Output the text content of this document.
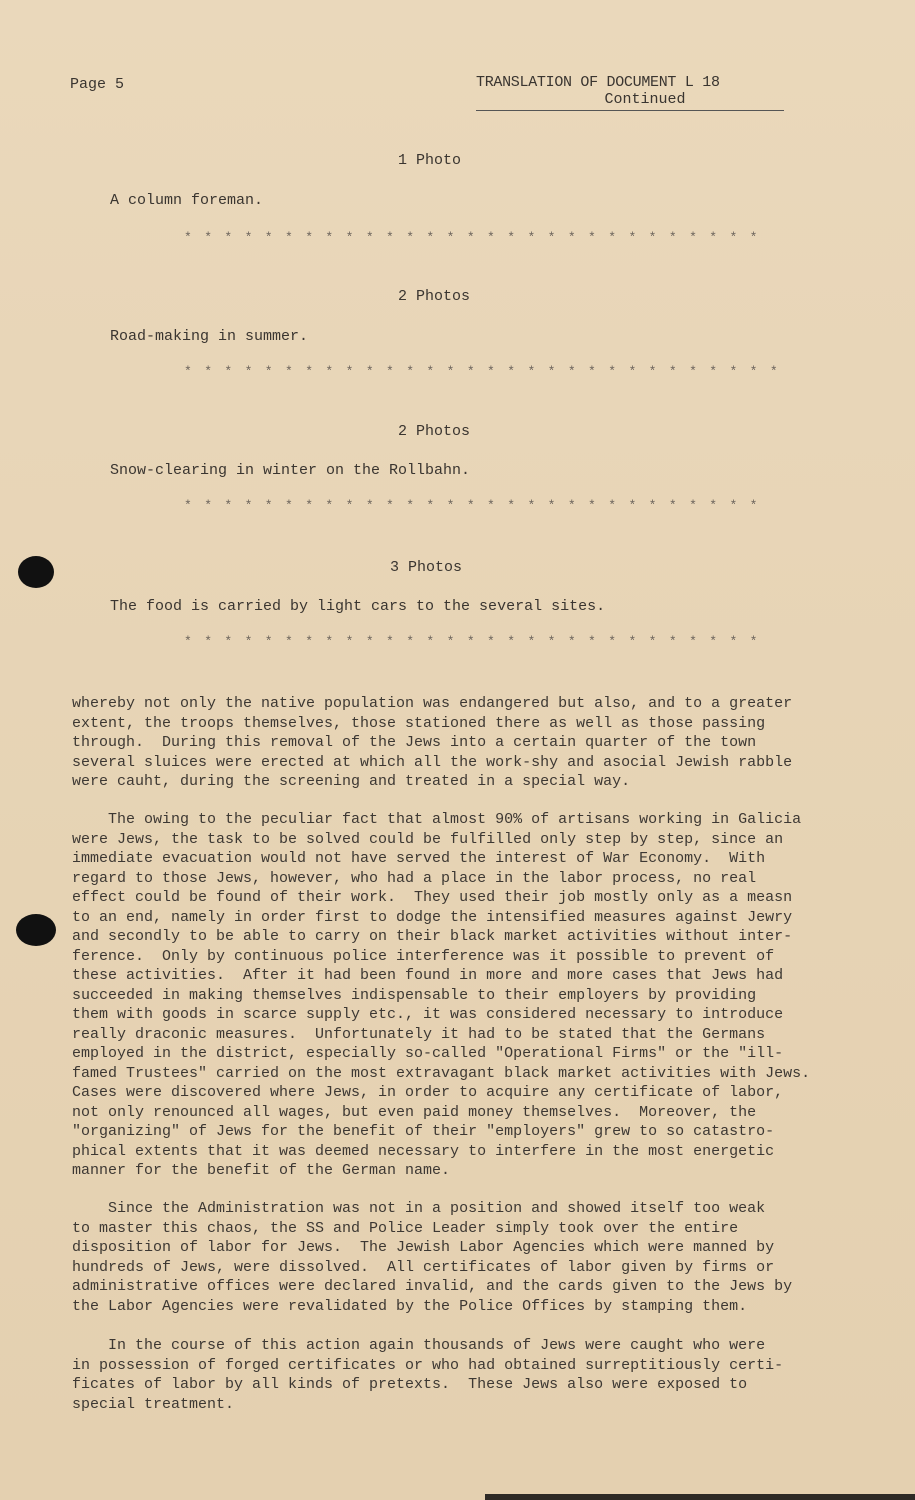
Page 5	TRANSLATION OF DOCUMENT L 18
Continued
1 Photo
A column foreman.
* * * * * * * * * * * * * * * * * * * * * * * * * * * * *
2 Photos
Road-making in summer.
* * * * * * * * * * * * * * * * * * * * * * * * * * * * * *
2 Photos
Snow-clearing in winter on the Rollbahn.
* * * * * * * * * * * * * * * * * * * * * * * * * * * * *
3 Photos
The food is carried by light cars to the several sites.
* * * * * * * * * * * * * * * * * * * * * * * * * * * * *
whereby not only the native population was endangered but also, and to a greater
extent, the troops themselves, those stationed there as well as those passing
through.  During this removal of the Jews into a certain quarter of the town
several sluices were erected at which all the work-shy and asocial Jewish rabble
were cauht, during the screening and treated in a special way.
The owing to the peculiar fact that almost 90% of artisans working in Galicia
were Jews, the task to be solved could be fulfilled only step by step, since an
immediate evacuation would not have served the interest of War Economy.  With
regard to those Jews, however, who had a place in the labor process, no real
effect could be found of their work.  They used their job mostly only as a measn
to an end, namely in order first to dodge the intensified measures against Jewry
and secondly to be able to carry on their black market activities without inter-
ference.  Only by continuous police interference was it possible to prevent of
these activities.  After it had been found in more and more cases that Jews had
succeeded in making themselves indispensable to their employers by providing
them with goods in scarce supply etc., it was considered necessary to introduce
really draconic measures.  Unfortunately it had to be stated that the Germans
employed in the district, especially so-called "Operational Firms" or the "ill-
famed Trustees" carried on the most extravagant black market activities with Jews.
Cases were discovered where Jews, in order to acquire any certificate of labor,
not only renounced all wages, but even paid money themselves.  Moreover, the
"organizing" of Jews for the benefit of their "employers" grew to so catastro-
phical extents that it was deemed necessary to interfere in the most energetic
manner for the benefit of the German name.
Since the Administration was not in a position and showed itself too weak
to master this chaos, the SS and Police Leader simply took over the entire
disposition of labor for Jews.  The Jewish Labor Agencies which were manned by
hundreds of Jews, were dissolved.  All certificates of labor given by firms or
administrative offices were declared invalid, and the cards given to the Jews by
the Labor Agencies were revalidated by the Police Offices by stamping them.
In the course of this action again thousands of Jews were caught who were
in possession of forged certificates or who had obtained surreptitiously certi-
ficates of labor by all kinds of pretexts.  These Jews also were exposed to
special treatment.
